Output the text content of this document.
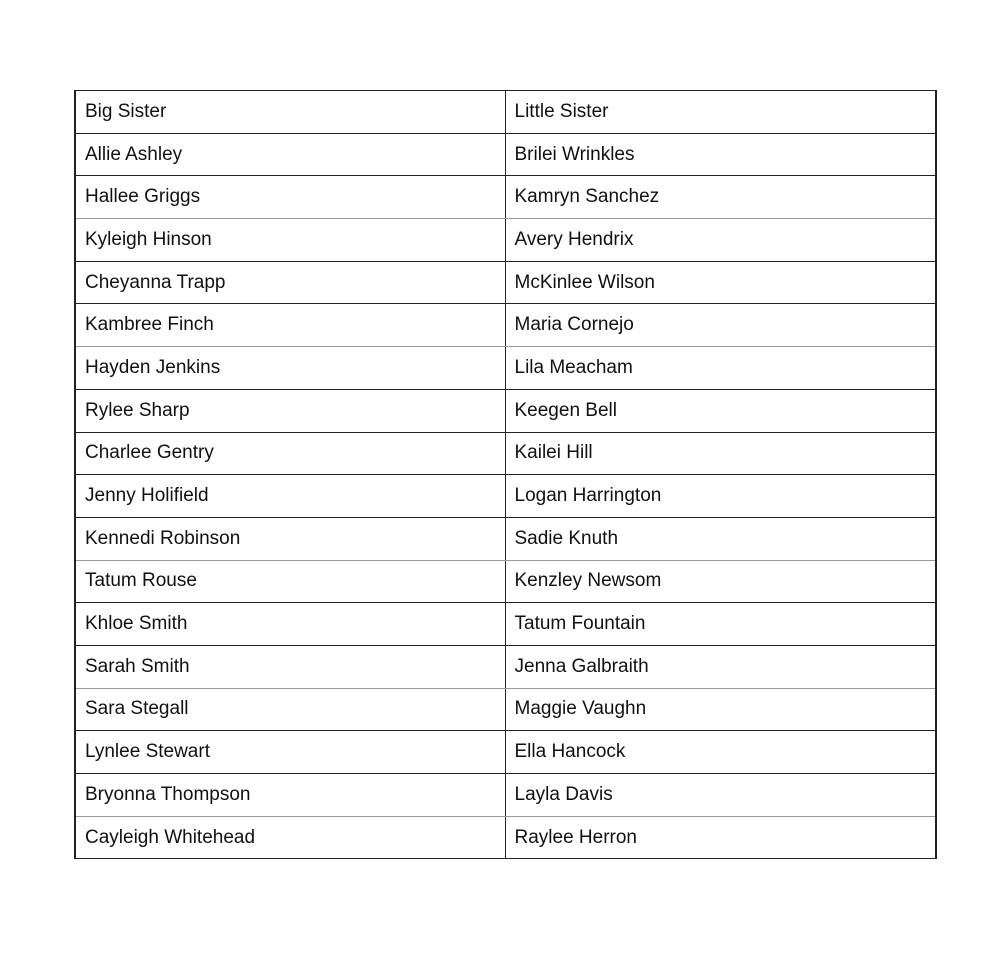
Big Sister	Little Sister
Allie Ashley	Brilei Wrinkles
Hallee Griggs	Kamryn Sanchez
Kyleigh Hinson	Avery Hendrix
Cheyanna Trapp	McKinlee Wilson
Kambree Finch	Maria Cornejo
Hayden Jenkins	Lila Meacham
Rylee Sharp	Keegen Bell
Charlee Gentry	Kailei Hill
Jenny Holifield	Logan Harrington
Kennedi Robinson	Sadie Knuth
Tatum Rouse	Kenzley Newsom
Khloe Smith	Tatum Fountain
Sarah Smith	Jenna Galbraith
Sara Stegall	Maggie Vaughn
Lynlee Stewart	Ella Hancock
Bryonna Thompson	Layla Davis
Cayleigh Whitehead	Raylee Herron
